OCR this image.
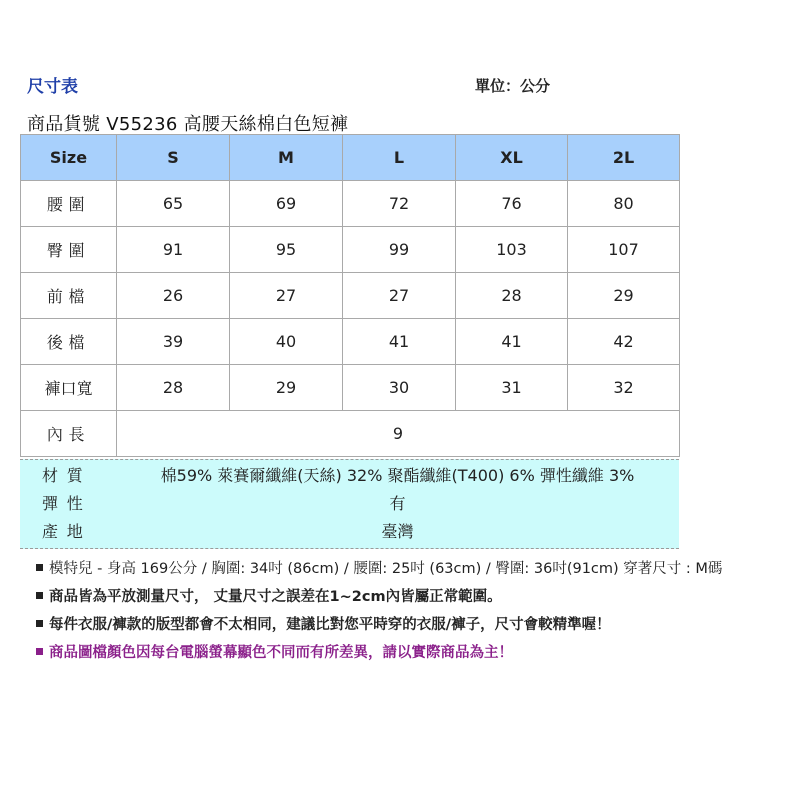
尺寸表	單位：公分
商品貨號 V55236 高腰天絲棉白色短褲
Size	S	M	L	XL	2L
腰圍	65	69	72	76	80
臀圍	91	95	99	103	107
前檔	26	27	27	28	29
後檔	39	40	41	41	42
褲口寬	28	29	30	31	32
內長	9				
材質	棉59% 萊賽爾纖維(天絲) 32% 聚酯纖維(T400) 6% 彈性纖維 3%
彈性	有
產地	臺灣
模特兒 - 身高 169公分 / 胸圍: 34吋 (86cm) / 腰圍: 25吋 (63cm) / 臀圍: 36吋(91cm) 穿著尺寸 : M碼
商品皆為平放測量尺寸， 丈量尺寸之誤差在1~2cm內皆屬正常範圍。
每件衣服/褲款的版型都會不太相同，建議比對您平時穿的衣服/褲子，尺寸會較精準喔！
商品圖檔顏色因每台電腦螢幕顯色不同而有所差異，請以實際商品為主！
